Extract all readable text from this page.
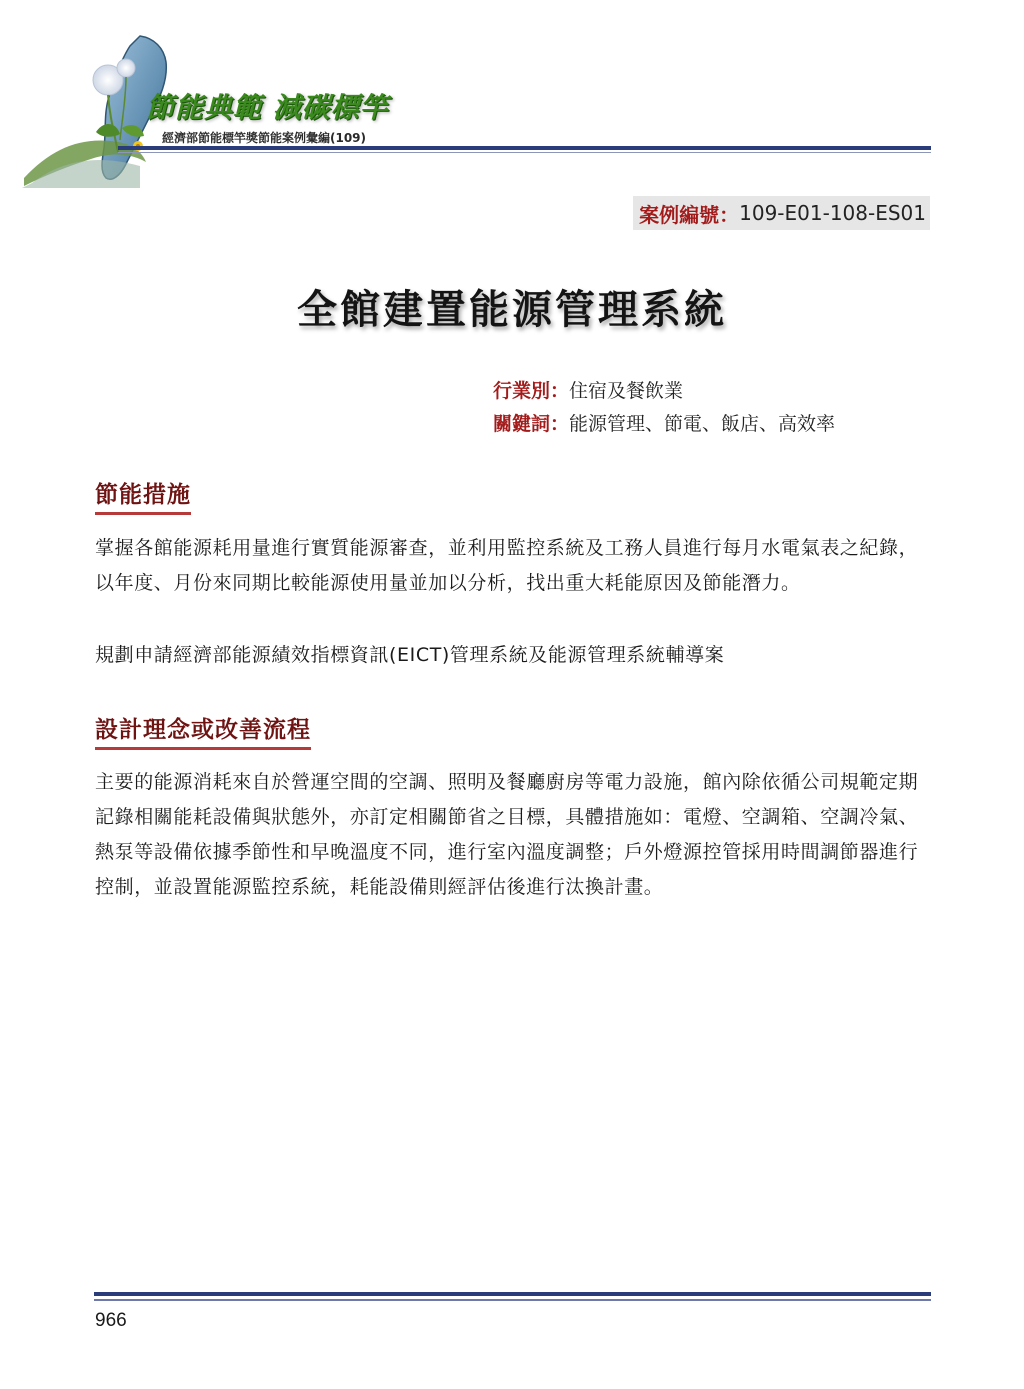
節能典範 減碳標竿
經濟部節能標竿獎節能案例彙編(109)
案例編號： 109-E01-108-ES01
全館建置能源管理系統
行業別：住宿及餐飲業
關鍵詞：能源管理、節電、飯店、高效率
節能措施

掌握各館能源耗用量進行實質能源審查，並利用監控系統及工務人員進行每月水電氣表之紀錄，以年度、月份來同期比較能源使用量並加以分析，找出重大耗能原因及節能潛力。

規劃申請經濟部能源績效指標資訊(EICT)管理系統及能源管理系統輔導案

設計理念或改善流程

主要的能源消耗來自於營運空間的空調、照明及餐廳廚房等電力設施，館內除依循公司規範定期記錄相關能耗設備與狀態外，亦訂定相關節省之目標，具體措施如：電燈、空調箱、空調冷氣、熱泵等設備依據季節性和早晚溫度不同，進行室內溫度調整；戶外燈源控管採用時間調節器進行控制，並設置能源監控系統，耗能設備則經評估後進行汰換計畫。

966
